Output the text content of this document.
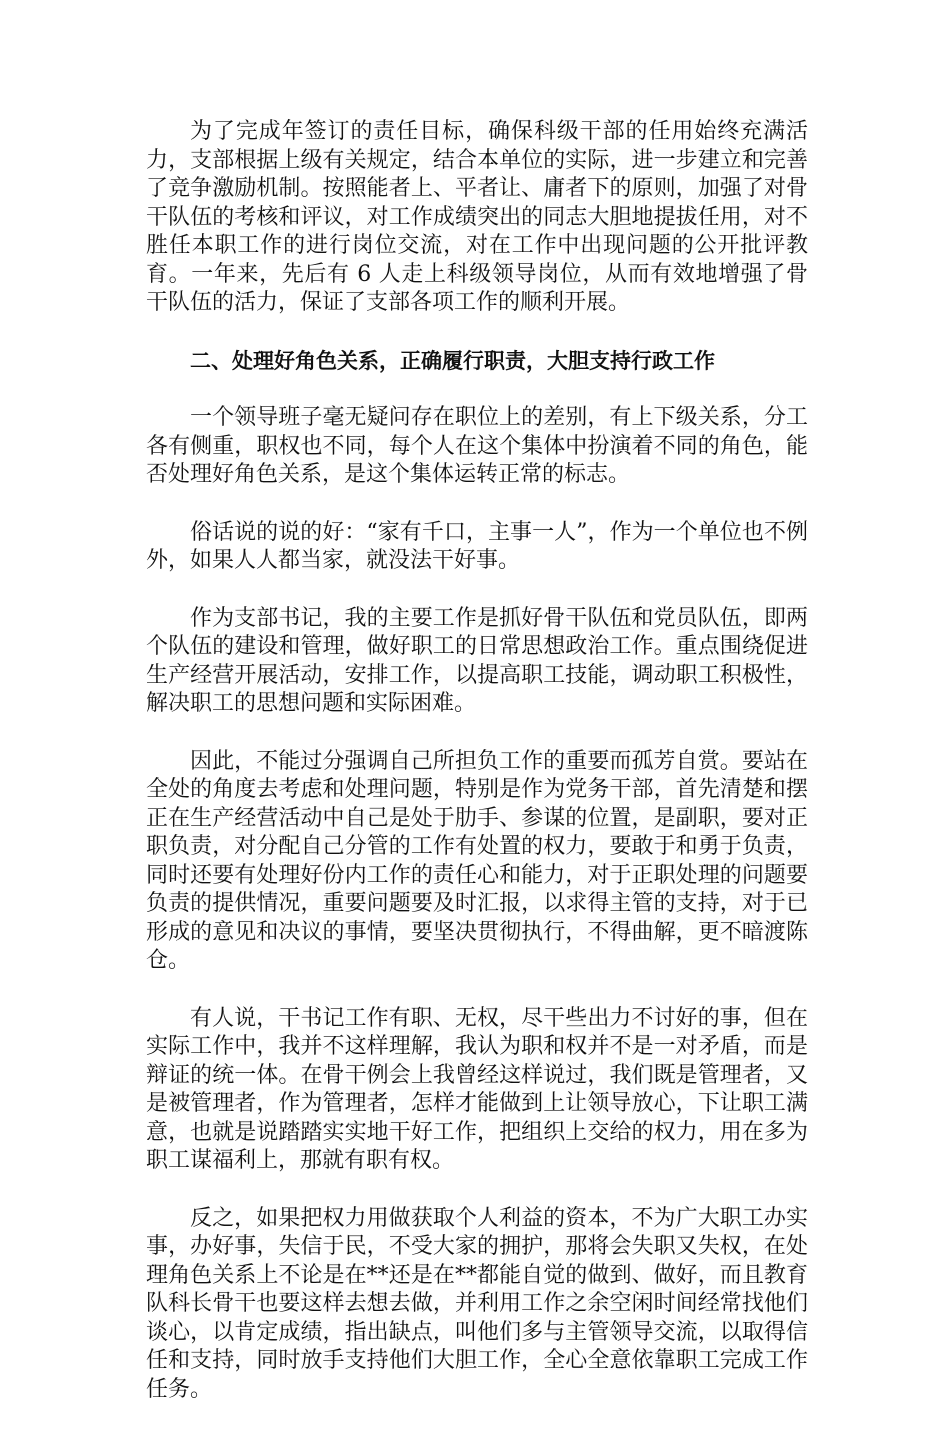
为了完成年签订的责任目标，确保科级干部的任用始终充满活力，支部根据上级有关规定，结合本单位的实际，进一步建立和完善了竞争激励机制。按照能者上、平者让、庸者下的原则，加强了对骨干队伍的考核和评议，对工作成绩突出的同志大胆地提拔任用，对不胜任本职工作的进行岗位交流，对在工作中出现问题的公开批评教育。一年来，先后有 6 人走上科级领导岗位，从而有效地增强了骨干队伍的活力，保证了支部各项工作的顺利开展。

二、处理好角色关系，正确履行职责，大胆支持行政工作

一个领导班子毫无疑问存在职位上的差别，有上下级关系，分工各有侧重，职权也不同，每个人在这个集体中扮演着不同的角色，能否处理好角色关系，是这个集体运转正常的标志。

俗话说的说的好：“家有千口，主事一人”，作为一个单位也不例外，如果人人都当家，就没法干好事。

作为支部书记，我的主要工作是抓好骨干队伍和党员队伍，即两个队伍的建设和管理，做好职工的日常思想政治工作。重点围绕促进生产经营开展活动，安排工作，以提高职工技能，调动职工积极性，解决职工的思想问题和实际困难。

因此，不能过分强调自己所担负工作的重要而孤芳自赏。要站在全处的角度去考虑和处理问题，特别是作为党务干部，首先清楚和摆正在生产经营活动中自己是处于肋手、参谋的位置，是副职，要对正职负责，对分配自己分管的工作有处置的权力，要敢于和勇于负责，同时还要有处理好份内工作的责任心和能力，对于正职处理的问题要负责的提供情况，重要问题要及时汇报，以求得主管的支持，对于已形成的意见和决议的事情，要坚决贯彻执行，不得曲解，更不暗渡陈仓。

有人说，干书记工作有职、无权，尽干些出力不讨好的事，但在实际工作中，我并不这样理解，我认为职和权并不是一对矛盾，而是辩证的统一体。在骨干例会上我曾经这样说过，我们既是管理者，又是被管理者，作为管理者，怎样才能做到上让领导放心，下让职工满意，也就是说踏踏实实地干好工作，把组织上交给的权力，用在多为职工谋福利上，那就有职有权。

反之，如果把权力用做获取个人利益的资本，不为广大职工办实事，办好事，失信于民，不受大家的拥护，那将会失职又失权，在处理角色关系上不论是在**还是在**都能自觉的做到、做好，而且教育队科长骨干也要这样去想去做，并利用工作之余空闲时间经常找他们谈心，以肯定成绩，指出缺点，叫他们多与主管领导交流，以取得信任和支持，同时放手支持他们大胆工作，全心全意依靠职工完成工作任务。
